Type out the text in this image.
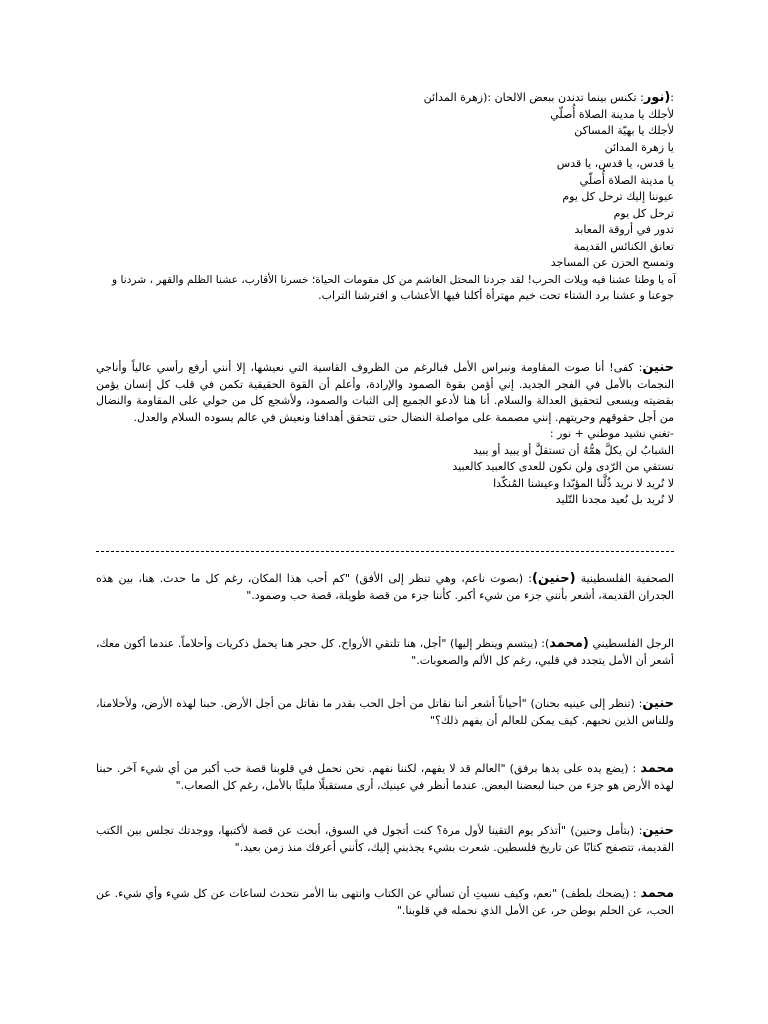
:(نور: تكنس بينما تدندن ببعض الالحان :(زهرة المدائن
لأجلك يا مدينة الصلاة أُصلّي
لأجلك يا بهيّة المساكن
يا زهرة المدائن
يا قدس، يا قدس، يا قدس
يا مدينة الصلاة أُصلّي
عيوننا إليك ترحل كل يوم
ترحل كل يوم
تدور في أروقة المعابد
تعانق الكنائس القديمة
وتمسح الحزن عن المساجد
آه يا وطنا عشنا فيه ويلات الحرب! لقد جردنا المحتل الغاشم من كل مقومات الحياة؛ خسرنا الأقارب، عشنا الظلم والقهر ، شردنا و
جوعنا و عشنا برد الشتاء تحت خيم مهترأة أكلنا فيها الأعشاب و افترشنا التراب.
حنين: كفى! أنا صوت المقاومة ونبراس الأمل فبالرغم من الظروف القاسية التي نعيشها، إلا أنني أرفع رأسي عالياً وأناجي النجمات بالأمل في الفجر الجديد. إني أؤمن بقوة الصمود والإرادة، وأعلم أن القوة الحقيقية تكمن في قلب كل إنسان يؤمن بقضيته ويسعى لتحقيق العدالة والسلام. أنا هنا لأدعو الجميع إلى الثبات والصمود، ولأشجع كل من حولي على المقاومة والنضال من أجل حقوقهم وحريتهم. إنني مصممة على مواصلة النضال حتى تتحقق أهدافنا ونعيش في عالم يسوده السلام والعدل.
-تغني نشيد موطني + نور :
الشبابُ لن يكلَّ همُّهُ أن تستقلَّ أو يبيد أو يبيد
نستقي من الرّدى ولن نكون للعدى كالعبيد كالعبيد
لا نُريد لا نريد ذُلَّنا المؤبّدا وعيشنا المُنكّدا
لا نُريد بل نُعيد مجدنا التّليد
الصحفية الفلسطينية (حنين): (بصوت ناعم، وهي تنظر إلى الأفق) "كم أحب هذا المكان، رغم كل ما حدث. هنا، بين هذه الجدران القديمة، أشعر بأنني جزء من شيء أكبر. كأننا جزء من قصة طويلة، قصة حب وصمود."
الرجل الفلسطيني (محمد): (يبتسم وينظر إليها) "أجل، هنا تلتقي الأرواح. كل حجر هنا يحمل ذكريات وأحلاماً. عندما أكون معك، أشعر أن الأمل يتجدد في قلبي، رغم كل الألم والصعوبات."
حنين: (تنظر إلى عينيه بحنان) "أحياناً أشعر أننا نقاتل من أجل الحب بقدر ما نقاتل من أجل الأرض. حبنا لهذه الأرض، ولأحلامنا، وللناس الذين نحبهم. كيف يمكن للعالم أن يفهم ذلك؟"
محمد : (يضع يده على يدها برفق) "العالم قد لا يفهم، لكننا نفهم. نحن نحمل في قلوبنا قصة حب أكبر من أي شيء آخر. حبنا لهذه الأرض هو جزء من حبنا لبعضنا البعض. عندما أنظر في عينيك، أرى مستقبلًا مليئًا بالأمل، رغم كل الصعاب."
حنين: (بتأمل وحنين) "أتذكر يوم التقينا لأول مرة؟ كنت أتجول في السوق، أبحث عن قصة لأكتبها، ووجدتك تجلس بين الكتب القديمة، تتصفح كتابًا عن تاريخ فلسطين. شعرت بشيء يجذبني إليك، كأنني أعرفك منذ زمن بعيد."
محمد : (يضحك بلطف) "نعم، وكيف نسيتِ أن تسألي عن الكتاب وانتهى بنا الأمر نتحدث لساعات عن كل شيء وأي شيء. عن الحب، عن الحلم بوطن حر، عن الأمل الذي نحمله في قلوبنا."
